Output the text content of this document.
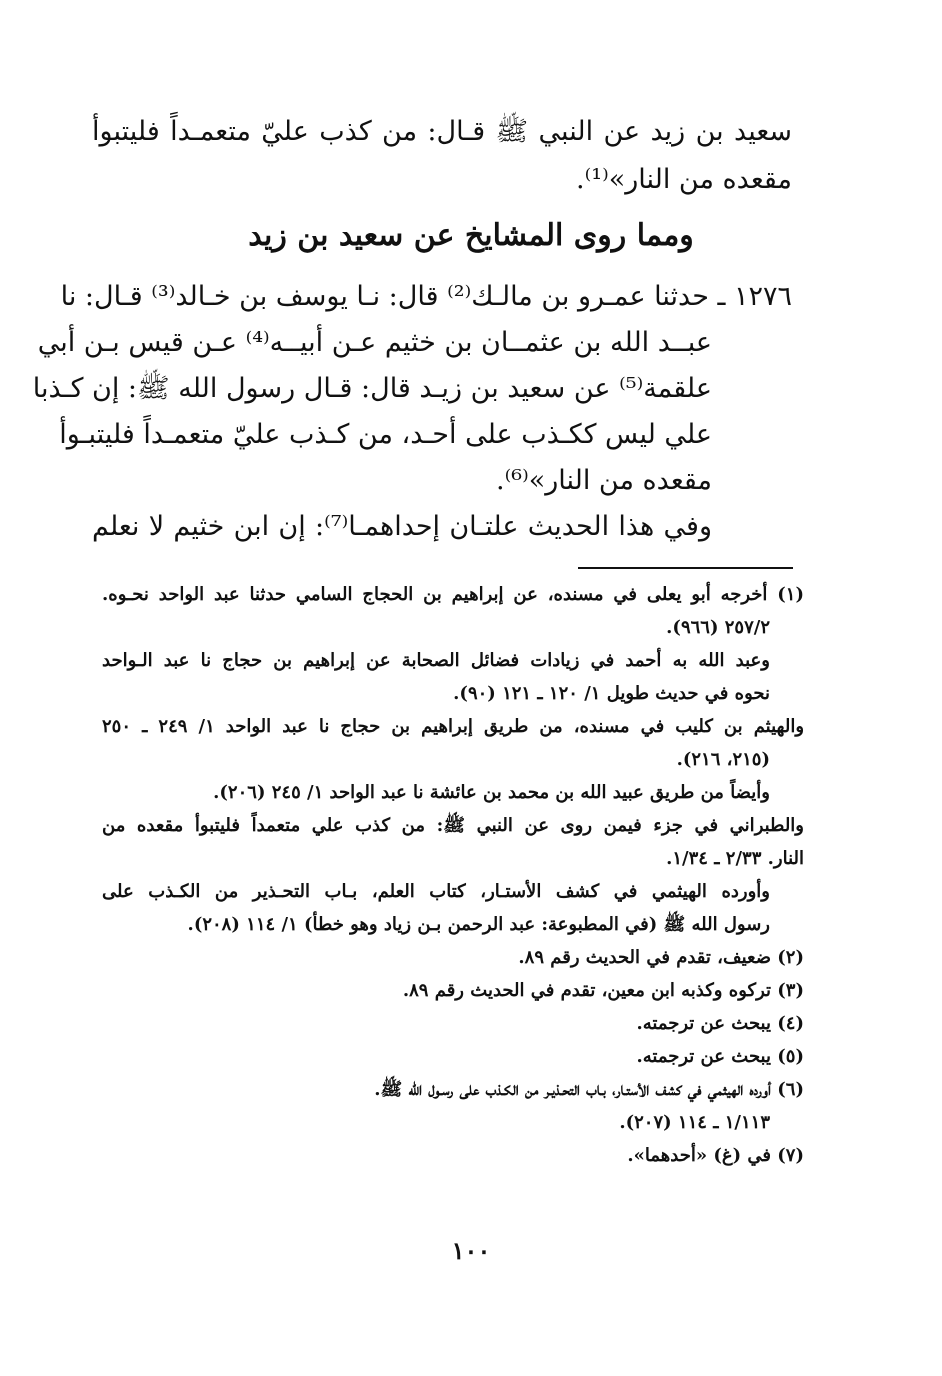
سعيد بن زيد عن النبي ﷺ قـال: من كذب عليّ متعمـداً فليتبوأ
مقعده من النار»⁽¹⁾.
ومما روى المشايخ عن سعيد بن زيد
١٢٧٦ ـ حدثنا عمـرو بن مالـك⁽²⁾ قال: نـا يوسف بن خـالد⁽³⁾ قـال: نا
عبــد الله بن عثمــان بن خثيم عـن أبيــه⁽⁴⁾ عـن قيس بـن أبي
علقمة⁽⁵⁾ عن سعيد بن زيـد قال: قـال رسول الله ﷺ: إن كـذبا
علي ليس ككـذب على أحـد، من كـذب عليّ متعمـداً فليتبـوأ
مقعده من النار»⁽⁶⁾.
وفي هذا الحديث علتـان إحداهمـا⁽⁷⁾: إن ابن خثيم لا نعلم
(١) أخرجه أبو يعلى في مسنده، عن إبراهيم بن الحجاج السامي حدثنا عبد الواحد نحـوه.
٢٥٧/٢ (٩٦٦).
وعبد الله به أحمد في زيادات فضائل الصحابة عن إبراهيم بن حجاج نا عبد الـواحد
نحوه في حديث طويل ١/ ١٢٠ ـ ١٢١ (٩٠).
والهيثم بن كليب في مسنده، من طريق إبراهيم بن حجاج نا عبد الواحد ١/ ٢٤٩ ـ ٢٥٠
(٢١٥، ٢١٦).
وأيضاً من طريق عبيد الله بن محمد بن عائشة نا عبد الواحد ١/ ٢٤٥ (٢٠٦).
والطبراني في جزء فيمن روى عن النبي ﷺ: من كذب علي متعمداً فليتبوأ مقعده من
النار. ٢/٣٣ ـ ١/٣٤.
وأورده الهيثمي في كشف الأستـار، كتاب العلم، بـاب التحـذير من الكـذب على
رسول الله ﷺ (في المطبوعة: عبد الرحمن بـن زياد وهو خطأ) ١/ ١١٤ (٢٠٨).
(٢) ضعيف، تقدم في الحديث رقم ٨٩.
(٣) تركوه وكذبه ابن معين، تقدم في الحديث رقم ٨٩.
(٤) يبحث عن ترجمته.
(٥) يبحث عن ترجمته.
(٦) أورده الهيثمي في كشف الأستـار، بـاب التحـذيـر من الكـذب على رسـول الله ﷺ.
١/١١٣ ـ ١١٤ (٢٠٧).
(٧) في (غ) «أحدهما».
١٠٠
